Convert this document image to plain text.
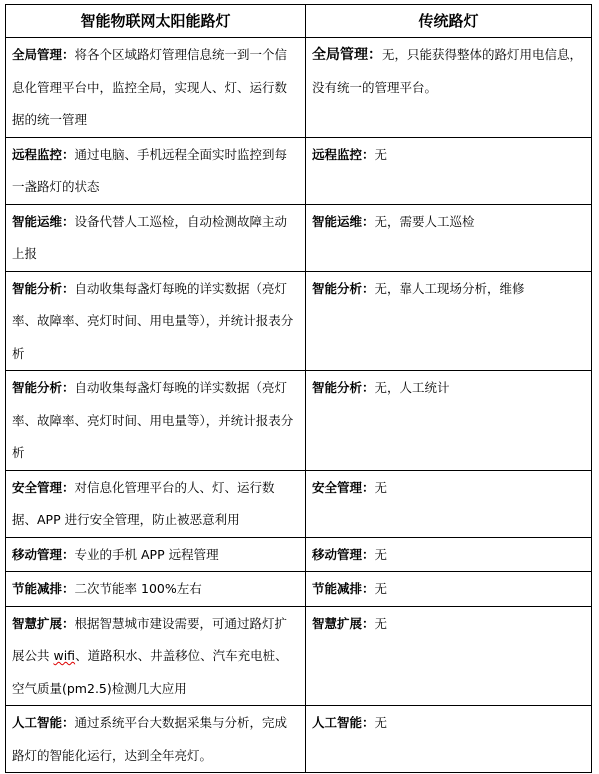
智能物联网太阳能路灯	传统路灯
全局管理：将各个区域路灯管理信息统一到一个信息化管理平台中，监控全局，实现人、灯、运行数据的统一管理	全局管理：无，只能获得整体的路灯用电信息，没有统一的管理平台。
远程监控：通过电脑、手机远程全面实时监控到每一盏路灯的状态	远程监控：无
智能运维：设备代替人工巡检，自动检测故障主动上报	智能运维：无，需要人工巡检
智能分析：自动收集每盏灯每晚的详实数据（亮灯率、故障率、亮灯时间、用电量等），并统计报表分析	智能分析：无，靠人工现场分析，维修
智能分析：自动收集每盏灯每晚的详实数据（亮灯率、故障率、亮灯时间、用电量等），并统计报表分析	智能分析：无，人工统计
安全管理：对信息化管理平台的人、灯、运行数据、APP 进行安全管理，防止被恶意利用	安全管理：无
移动管理：专业的手机 APP 远程管理	移动管理：无
节能减排：二次节能率 100%左右	节能减排：无
智慧扩展：根据智慧城市建设需要，可通过路灯扩展公共 wifi、道路积水、井盖移位、汽车充电桩、空气质量(pm2.5)检测几大应用	智慧扩展：无
人工智能：通过系统平台大数据采集与分析，完成路灯的智能化运行，达到全年亮灯。	人工智能：无
